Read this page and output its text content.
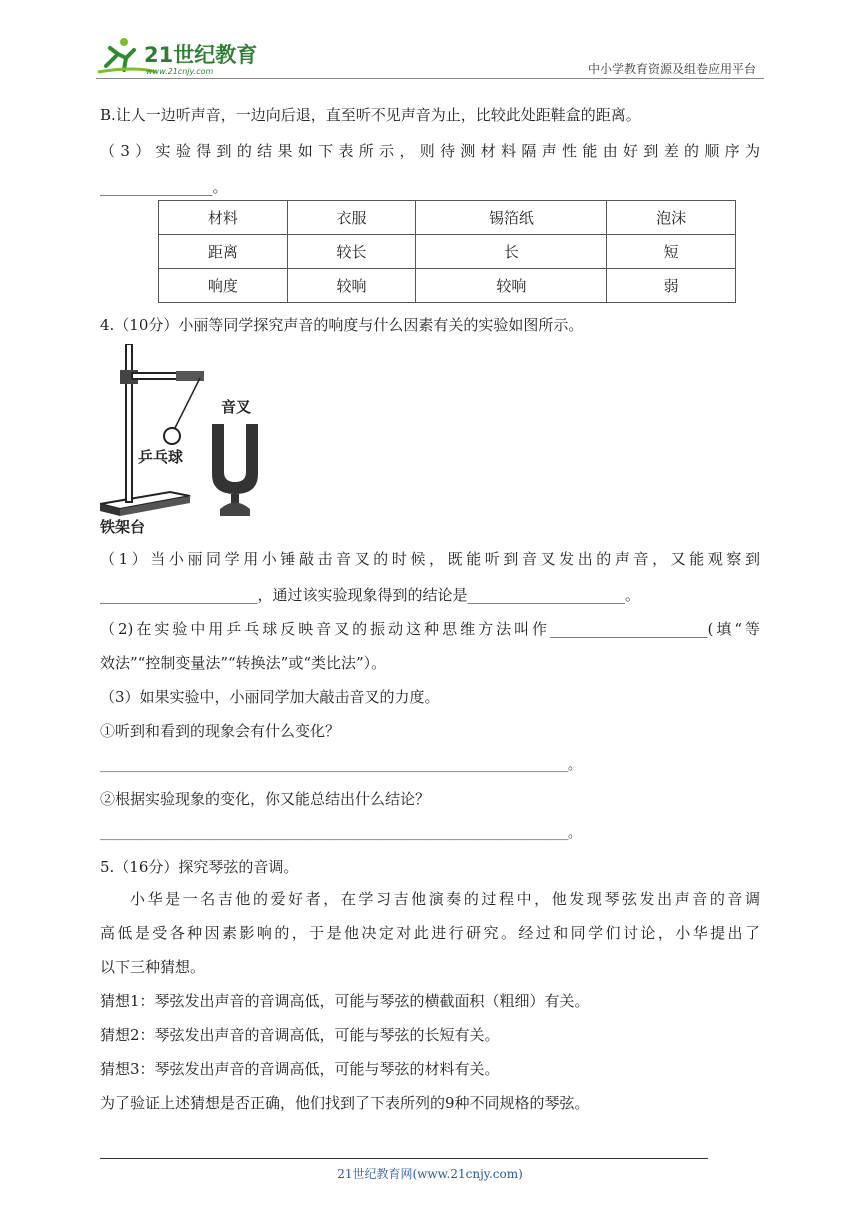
21世纪教育
www.21cnjy.com	中小学教育资源及组卷应用平台
B.让人一边听声音，一边向后退，直至听不见声音为止，比较此处距鞋盒的距离。
（3）实验得到的结果如下表所示，则待测材料隔声性能由好到差的顺序为
_______________。
材料	衣服	锡箔纸	泡沫
距离	较长	长	短
响度	较响	较响	弱
4.（10分）小丽等同学探究声音的响度与什么因素有关的实验如图所示。
音叉
乒乓球
铁架台
（1）当小丽同学用小锤敲击音叉的时候，既能听到音叉发出的声音，又能观察到
_____________________，通过该实验现象得到的结论是_____________________。
（2)在实验中用乒乓球反映音叉的振动这种思维方法叫作_____________________(填“等
效法”“控制变量法”“转换法”或“类比法”）。
（3）如果实验中，小丽同学加大敲击音叉的力度。
①听到和看到的现象会有什么变化？
______________________________________________________________________________。
②根据实验现象的变化，你又能总结出什么结论？
______________________________________________________________________________。
5.（16分）探究琴弦的音调。
小华是一名吉他的爱好者，在学习吉他演奏的过程中，他发现琴弦发出声音的音调
高低是受各种因素影响的，于是他决定对此进行研究。经过和同学们讨论，小华提出了
以下三种猜想。
猜想1：琴弦发出声音的音调高低，可能与琴弦的横截面积（粗细）有关。
猜想2：琴弦发出声音的音调高低，可能与琴弦的长短有关。
猜想3：琴弦发出声音的音调高低，可能与琴弦的材料有关。
为了验证上述猜想是否正确，他们找到了下表所列的9种不同规格的琴弦。
21世纪教育网(www.21cnjy.com)
